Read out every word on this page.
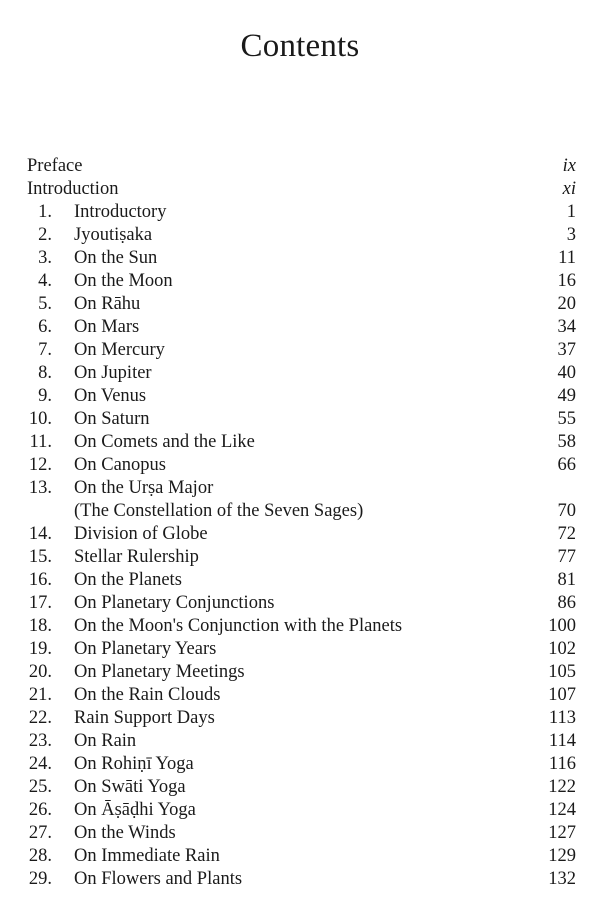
Contents
Preface	ix
Introduction	xi
1. Introductory	1
2. Jyoutiṣaka	3
3. On the Sun	11
4. On the Moon	16
5. On Rāhu	20
6. On Mars	34
7. On Mercury	37
8. On Jupiter	40
9. On Venus	49
10. On Saturn	55
11. On Comets and the Like	58
12. On Canopus	66
13. On the Urṣa Major
(The Constellation of the Seven Sages)	70
14. Division of Globe	72
15. Stellar Rulership	77
16. On the Planets	81
17. On Planetary Conjunctions	86
18. On the Moon's Conjunction with the Planets	100
19. On Planetary Years	102
20. On Planetary Meetings	105
21. On the Rain Clouds	107
22. Rain Support Days	113
23. On Rain	114
24. On Rohiṇī Yoga	116
25. On Swāti Yoga	122
26. On Āṣāḍhi Yoga	124
27. On the Winds	127
28. On Immediate Rain	129
29. On Flowers and Plants	132
